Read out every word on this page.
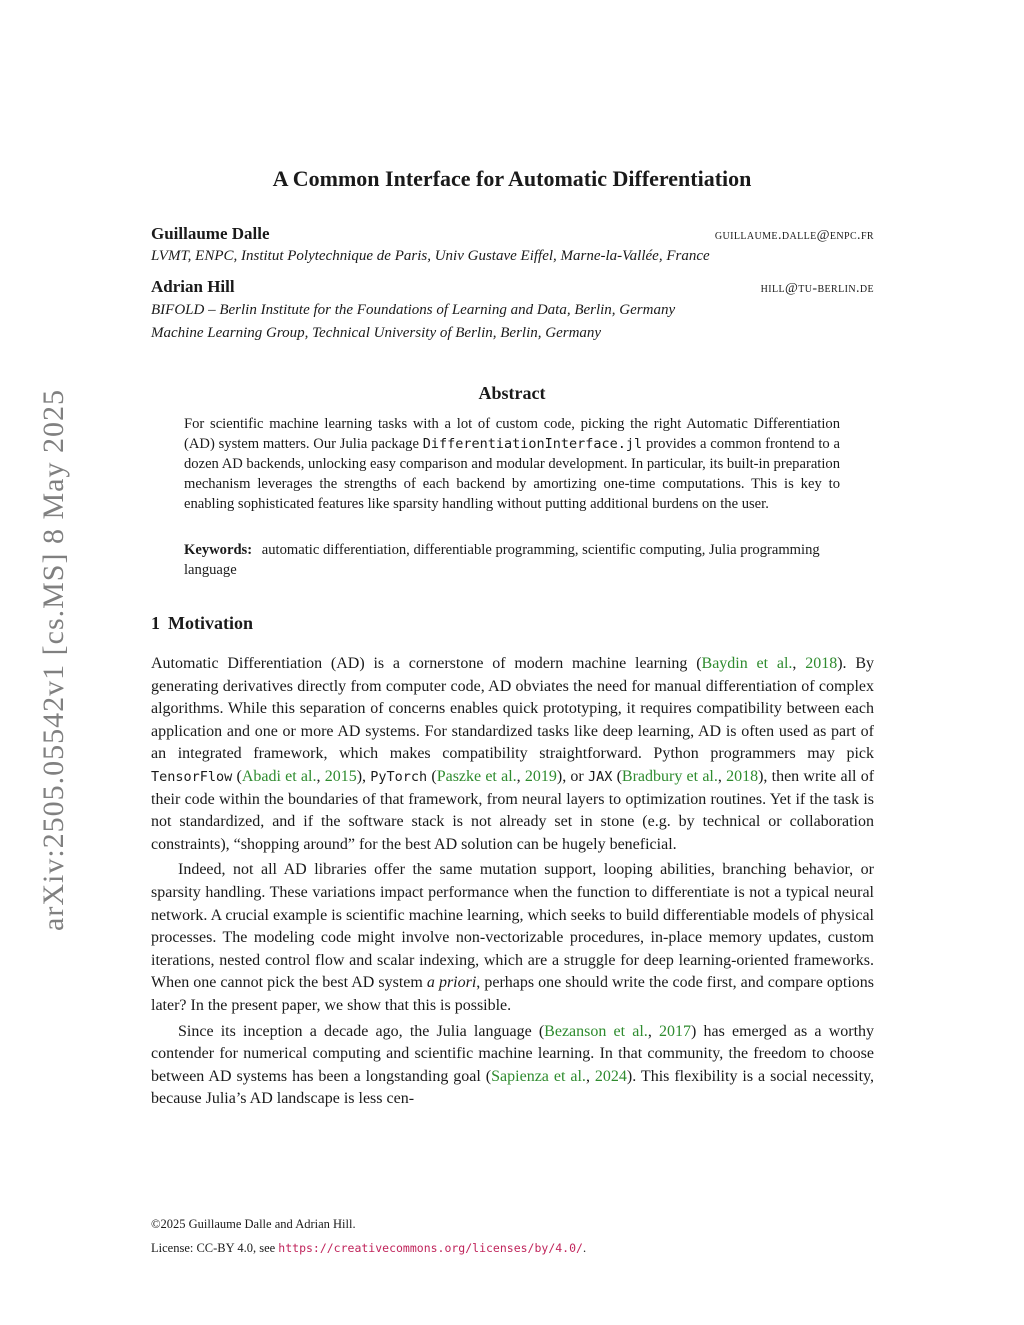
arXiv:2505.05542v1 [cs.MS] 8 May 2025
A Common Interface for Automatic Differentiation
Guillaume Dalle	guillaume.dalle@enpc.fr
LVMT, ENPC, Institut Polytechnique de Paris, Univ Gustave Eiffel, Marne-la-Vallée, France
Adrian Hill	hill@tu-berlin.de
BIFOLD – Berlin Institute for the Foundations of Learning and Data, Berlin, Germany
Machine Learning Group, Technical University of Berlin, Berlin, Germany
Abstract
For scientific machine learning tasks with a lot of custom code, picking the right Automatic Differentiation (AD) system matters. Our Julia package DifferentiationInterface.jl provides a common frontend to a dozen AD backends, unlocking easy comparison and modular development. In particular, its built-in preparation mechanism leverages the strengths of each backend by amortizing one-time computations. This is key to enabling sophisticated features like sparsity handling without putting additional burdens on the user.
Keywords: automatic differentiation, differentiable programming, scientific computing, Julia programming language
1 Motivation

Automatic Differentiation (AD) is a cornerstone of modern machine learning (Baydin et al., 2018). By generating derivatives directly from computer code, AD obviates the need for manual differentiation of complex algorithms. While this separation of concerns enables quick prototyping, it requires compatibility between each application and one or more AD systems. For standardized tasks like deep learning, AD is often used as part of an integrated framework, which makes compatibility straightforward. Python programmers may pick TensorFlow (Abadi et al., 2015), PyTorch (Paszke et al., 2019), or JAX (Bradbury et al., 2018), then write all of their code within the boundaries of that framework, from neural layers to optimization routines. Yet if the task is not standardized, and if the software stack is not already set in stone (e.g. by technical or collaboration constraints), “shopping around” for the best AD solution can be hugely beneficial.

Indeed, not all AD libraries offer the same mutation support, looping abilities, branching behavior, or sparsity handling. These variations impact performance when the function to differentiate is not a typical neural network. A crucial example is scientific machine learning, which seeks to build differentiable models of physical processes. The modeling code might involve non-vectorizable procedures, in-place memory updates, custom iterations, nested control flow and scalar indexing, which are a struggle for deep learning-oriented frameworks. When one cannot pick the best AD system a priori, perhaps one should write the code first, and compare options later? In the present paper, we show that this is possible.

Since its inception a decade ago, the Julia language (Bezanson et al., 2017) has emerged as a worthy contender for numerical computing and scientific machine learning. In that community, the freedom to choose between AD systems has been a longstanding goal (Sapienza et al., 2024). This flexibility is a social necessity, because Julia’s AD landscape is less cen-

©2025 Guillaume Dalle and Adrian Hill.
License: CC-BY 4.0, see https://creativecommons.org/licenses/by/4.0/.
